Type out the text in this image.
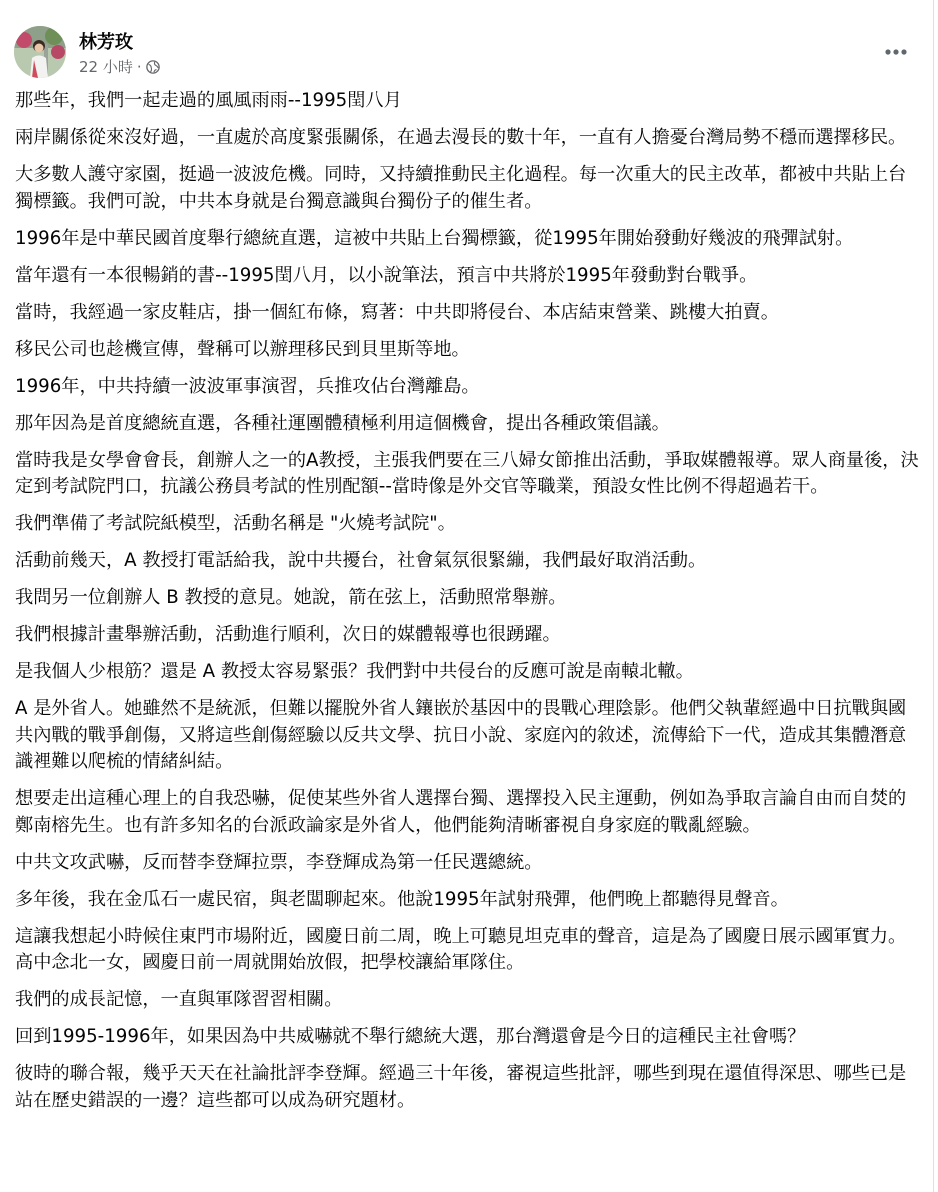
林芳玫
22 小時 ·

那些年，我們一起走過的風風雨雨--1995閏八月

兩岸關係從來沒好過，一直處於高度緊張關係，在過去漫長的數十年，一直有人擔憂台灣局勢不穩而選擇移民。

大多數人護守家園，挺過一波波危機。同時，又持續推動民主化過程。每一次重大的民主改革，都被中共貼上台獨標籤。我們可說，中共本身就是台獨意識與台獨份子的催生者。

1996年是中華民國首度舉行總統直選，這被中共貼上台獨標籤，從1995年開始發動好幾波的飛彈試射。

當年還有一本很暢銷的書--1995閏八月，以小說筆法，預言中共將於1995年發動對台戰爭。

當時，我經過一家皮鞋店，掛一個紅布條，寫著：中共即將侵台、本店結束營業、跳樓大拍賣。

移民公司也趁機宣傳，聲稱可以辦理移民到貝里斯等地。

1996年，中共持續一波波軍事演習，兵推攻佔台灣離島。

那年因為是首度總統直選，各種社運團體積極利用這個機會，提出各種政策倡議。

當時我是女學會會長，創辦人之一的A教授，主張我們要在三八婦女節推出活動，爭取媒體報導。眾人商量後，決定到考試院門口，抗議公務員考試的性別配額--當時像是外交官等職業，預設女性比例不得超過若干。

我們準備了考試院紙模型，活動名稱是 "火燒考試院"。

活動前幾天，A 教授打電話給我，說中共擾台，社會氣氛很緊繃，我們最好取消活動。

我問另一位創辦人 B 教授的意見。她說，箭在弦上，活動照常舉辦。

我們根據計畫舉辦活動，活動進行順利，次日的媒體報導也很踴躍。

是我個人少根筋？還是 A 教授太容易緊張？我們對中共侵台的反應可說是南轅北轍。

A 是外省人。她雖然不是統派，但難以擺脫外省人鑲嵌於基因中的畏戰心理陰影。他們父執輩經過中日抗戰與國共內戰的戰爭創傷，又將這些創傷經驗以反共文學、抗日小說、家庭內的敘述，流傳給下一代，造成其集體潛意識裡難以爬梳的情緒糾結。

想要走出這種心理上的自我恐嚇，促使某些外省人選擇台獨、選擇投入民主運動，例如為爭取言論自由而自焚的鄭南榕先生。也有許多知名的台派政論家是外省人，他們能夠清晰審視自身家庭的戰亂經驗。

中共文攻武嚇，反而替李登輝拉票，李登輝成為第一任民選總統。

多年後，我在金瓜石一處民宿，與老闆聊起來。他說1995年試射飛彈，他們晚上都聽得見聲音。

這讓我想起小時候住東門市場附近，國慶日前二周，晚上可聽見坦克車的聲音，這是為了國慶日展示國軍實力。高中念北一女，國慶日前一周就開始放假，把學校讓給軍隊住。

我們的成長記憶，一直與軍隊習習相關。

回到1995-1996年，如果因為中共威嚇就不舉行總統大選，那台灣還會是今日的這種民主社會嗎？

彼時的聯合報，幾乎天天在社論批評李登輝。經過三十年後，審視這些批評，哪些到現在還值得深思、哪些已是站在歷史錯誤的一邊？這些都可以成為研究題材。
